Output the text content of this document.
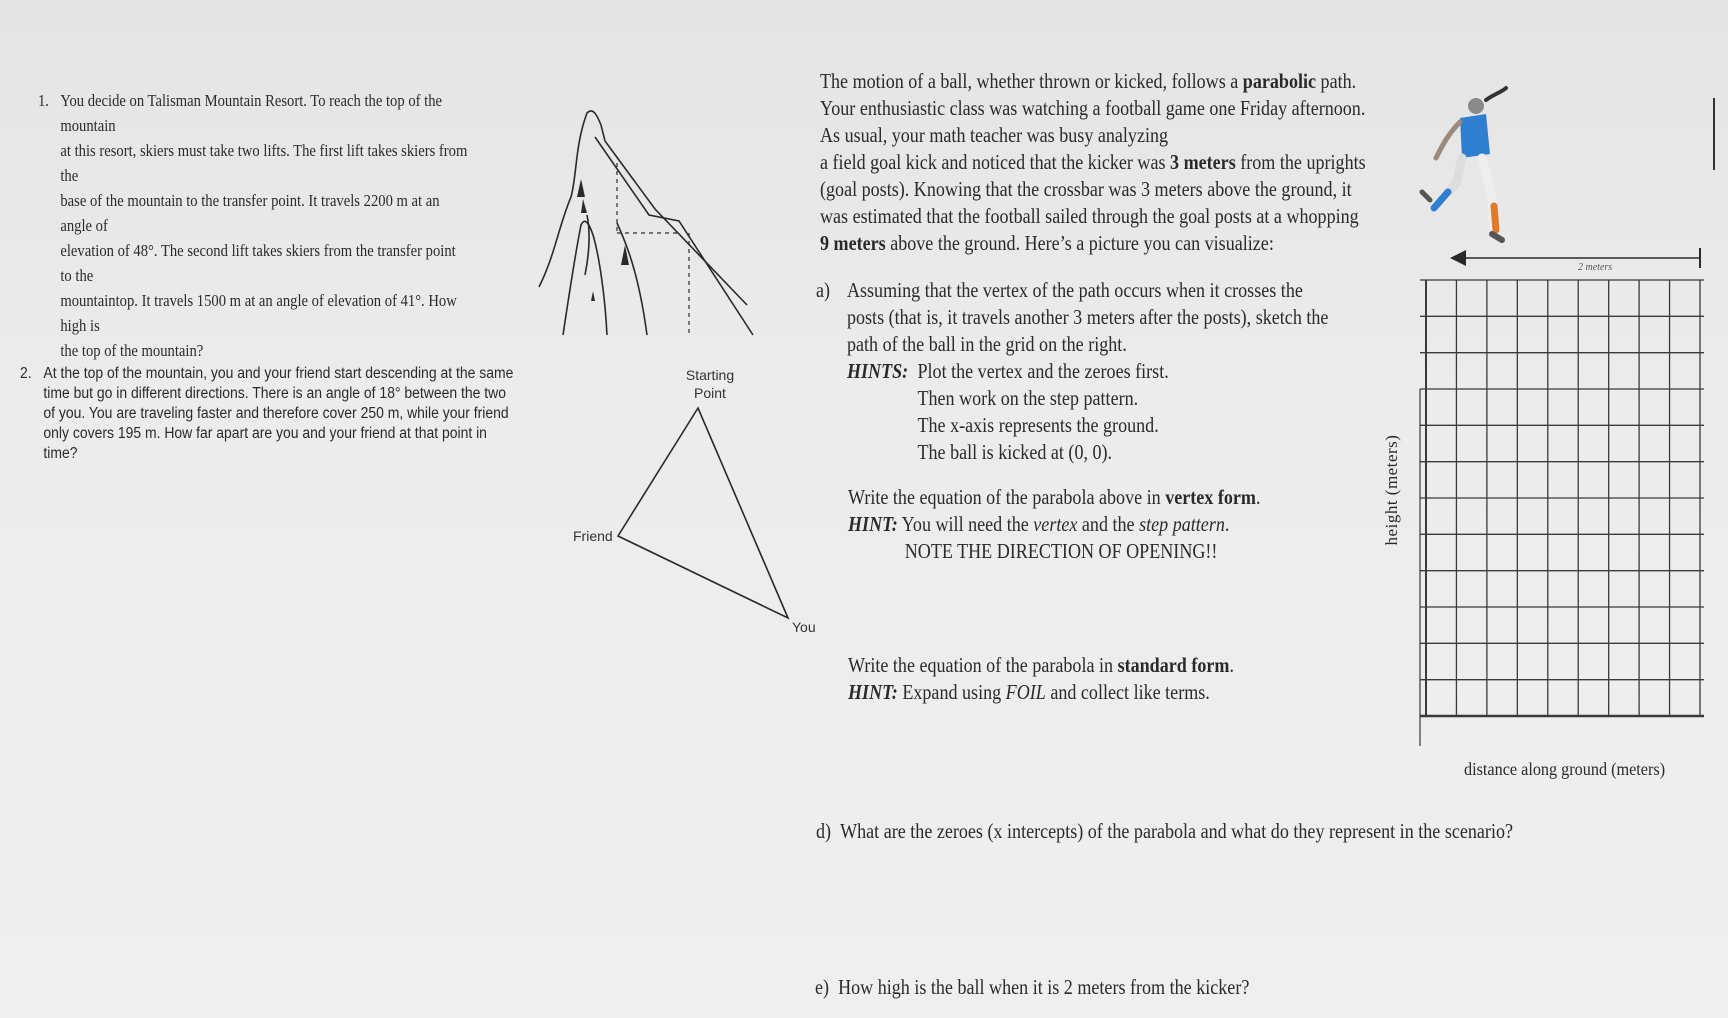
1. You decide on Talisman Mountain Resort. To reach the top of the mountain
at this resort, skiers must take two lifts. The first lift takes skiers from the
base of the mountain to the transfer point. It travels 2200 m at an angle of
elevation of 48°. The second lift takes skiers from the transfer point to the
mountaintop. It travels 1500 m at an angle of elevation of 41°. How high is
the top of the mountain?
2. At the top of the mountain, you and your friend start descending at the same
time but go in different directions. There is an angle of 18° between the two
of you. You are traveling faster and therefore cover 250 m, while your friend
only covers 195 m. How far apart are you and your friend at that point in
time?
Starting
Point
Friend
You
The motion of a ball, whether thrown or kicked, follows a parabolic path.
Your enthusiastic class was watching a football game one Friday afternoon.
As usual, your math teacher was busy analyzing
a field goal kick and noticed that the kicker was 3 meters from the uprights
(goal posts). Knowing that the crossbar was 3 meters above the ground, it
was estimated that the football sailed through the goal posts at a whopping
9 meters above the ground. Here’s a picture you can visualize:
a) Assuming that the vertex of the path occurs when it crosses the
posts (that is, it travels another 3 meters after the posts), sketch the
path of the ball in the grid on the right.
HINTS: Plot the vertex and the zeroes first.
Then work on the step pattern.
The x-axis represents the ground.
The ball is kicked at (0, 0).
Write the equation of the parabola above in vertex form.
HINT: You will need the vertex and the step pattern.
NOTE THE DIRECTION OF OPENING!!
Write the equation of the parabola in standard form.
HINT: Expand using FOIL and collect like terms.
d) What are the zeroes (x intercepts) of the parabola and what do they represent in the scenario?
e) How high is the ball when it is 2 meters from the kicker?
2 meters
height (meters)
distance along ground (meters)
